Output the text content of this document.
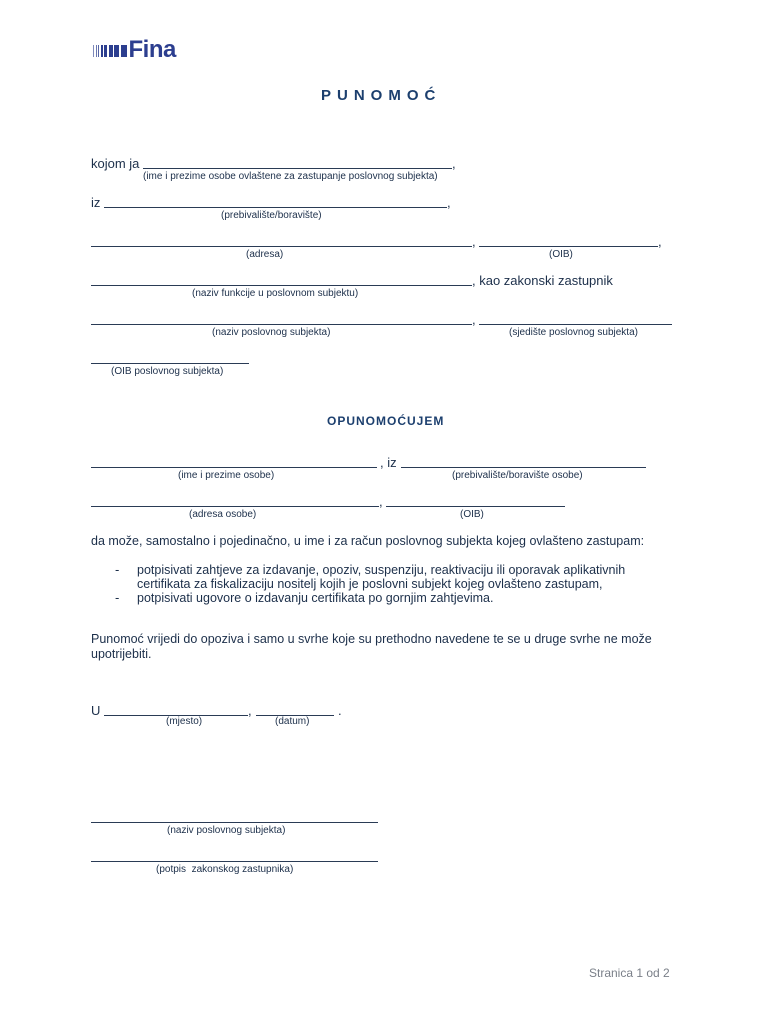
Fina
PUNOMOĆ
kojom ja	,
(ime i prezime osobe ovlaštene za zastupanje poslovnog subjekta)
iz	,
(prebivalište/boravište)
,	,
(adresa)	(OIB)
, kao zakonski zastupnik
(naziv funkcije u poslovnom subjektu)
,
(naziv poslovnog subjekta)	(sjedište poslovnog subjekta)
(OIB poslovnog subjekta)
OPUNOMOĆUJEM
, iz
(ime i prezime osobe)	(prebivalište/boravište osobe)
,
(adresa osobe)	(OIB)
da može, samostalno i pojedinačno, u ime i za račun poslovnog subjekta kojeg ovlašteno zastupam:
- potpisivati zahtjeve za izdavanje, opoziv, suspenziju, reaktivaciju ili oporavak aplikativnih
certifikata za fiskalizaciju nositelj kojih je poslovni subjekt kojeg ovlašteno zastupam,
- potpisivati ugovore o izdavanju certifikata po gornjim zahtjevima.
Punomoć vrijedi do opoziva i samo u svrhe koje su prethodno navedene te se u druge svrhe ne može
upotrijebiti.
U	,	.
(mjesto)	(datum)
(naziv poslovnog subjekta)
(potpis  zakonskog zastupnika)
Stranica 1 od 2
